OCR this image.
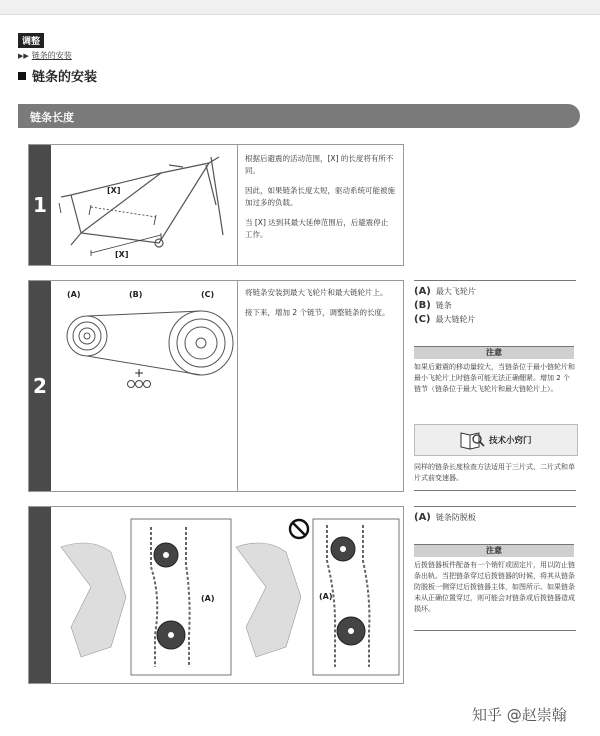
调整
▶▶ 链条的安装
链条的安装
链条长度
1
[X]
[X]

根据后避震的活动范围，[X] 的长度将有所不同。

因此，如果链条长度太短，驱动系统可能被施加过多的负载。

当 [X] 达到其最大延伸范围后，后避震停止工作。

2
+
(A)	(B)	(C)	将链条安装到最大飞轮片和最大链轮片上。

接下来，增加 2 个链节，调整链条的长度。

(A) 最大飞轮片
(B) 链条
(C) 最大链轮片
注意
如果后避震的移动量较大，当链条位于最小链轮片和最小飞轮片上时链条可能无法正确绷紧。增加 2 个链节（链条位于最大飞轮片和最大链轮片上）。
技术小窍门
同样的链条长度检查方法适用于三片式、二片式和单片式前变速器。
(A)	(A)
(A) 链条防脱板
注意
后拨链器板件配备有一个销钉或固定片，用以防止链条出轨。当把链条穿过后拨链器的时候，将其从链条防脱板一侧穿过后拨链器主体，如图所示。如果链条未从正确位置穿过，则可能会对链条或后拨链器造成损坏。
知乎 @赵崇翰
